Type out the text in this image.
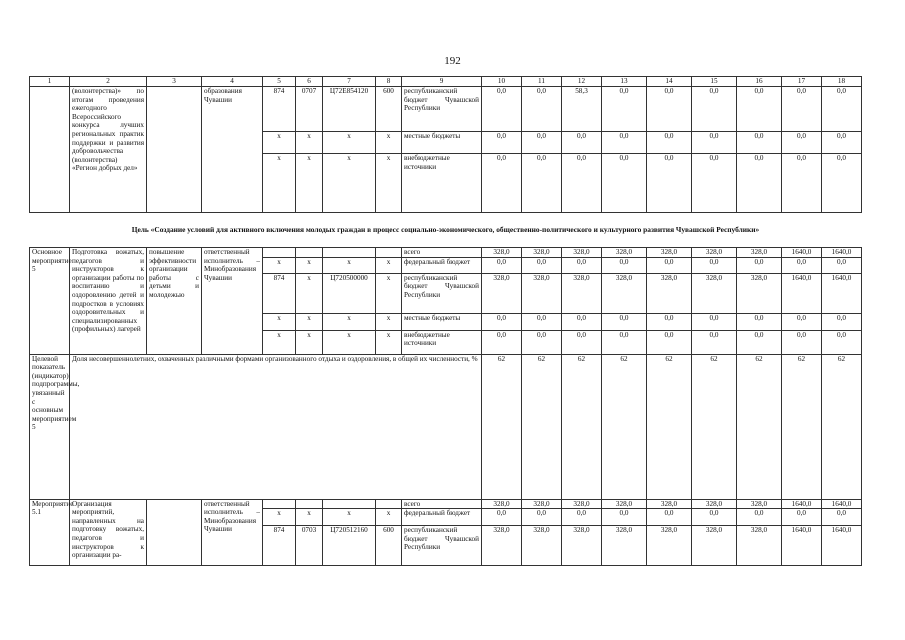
192
1	2	3	4	5	6	7	8	9	10	11	12	13	14	15	16	17	18
	(волонтерства)» по итогам проведения ежегодного Всероссийского конкурса лучших региональных практик поддержки и развития добровольчества (волонтерства) «Регион добрых дел»		образования Чувашии	874	0707	Ц72Е854120	600	республиканский бюджет Чувашской Республики	0,0	0,0	58,3	0,0	0,0	0,0	0,0	0,0	0,0
				x	x	x	x	местные бюджеты	0,0	0,0	0,0	0,0	0,0	0,0	0,0	0,0	0,0
				x	x	x	x	внебюджетные источники	0,0	0,0	0,0	0,0	0,0	0,0	0,0	0,0	0,0
Цель «Создание условий для активного включения молодых граждан в процесс социально-экономического, общественно-политического и культурного развития Чувашской Республики»																	
Основное мероприятие 5	Подготовка вожатых, педагогов и инструкторов к организации работы по воспитанию и оздоровлению детей и подростков в условиях оздоровительных и специализированных (профильных) лагерей	повышение эффективности организации работы с детьми и молодежью	ответственный исполнитель – Минобразования Чувашии					всего	328,0	328,0	328,0	328,0	328,0	328,0	328,0	1640,0	1640,0
				x	x	x	x	федеральный бюджет	0,0	0,0	0,0	0,0	0,0	0,0	0,0	0,0	0,0
				874	x	Ц720500000	x	республиканский бюджет Чувашской Республики	328,0	328,0	328,0	328,0	328,0	328,0	328,0	1640,0	1640,0
				x	x	x	x	местные бюджеты	0,0	0,0	0,0	0,0	0,0	0,0	0,0	0,0	0,0
				x	x	x	x	внебюджетные источники	0,0	0,0	0,0	0,0	0,0	0,0	0,0	0,0	0,0
Целевой показатель (индикатор) подпрограммы, увязанный с основным мероприятием 5	Доля несовершеннолетних, охваченных различными формами организованного отдыха и оздоровления, в общей их численности, %								62	62	62	62	62	62	62	62	62
Мероприятие 5.1	Организация мероприятий, направленных на подготовку вожатых, педагогов и инструкторов к организации ра-		ответственный исполнитель – Минобразования Чувашии					всего	328,0	328,0	328,0	328,0	328,0	328,0	328,0	1640,0	1640,0
				x	x	x	x	федеральный бюджет	0,0	0,0	0,0	0,0	0,0	0,0	0,0	0,0	0,0
				874	0703	Ц720512160	600	республиканский бюджет Чувашской Республики	328,0	328,0	328,0	328,0	328,0	328,0	328,0	1640,0	1640,0
